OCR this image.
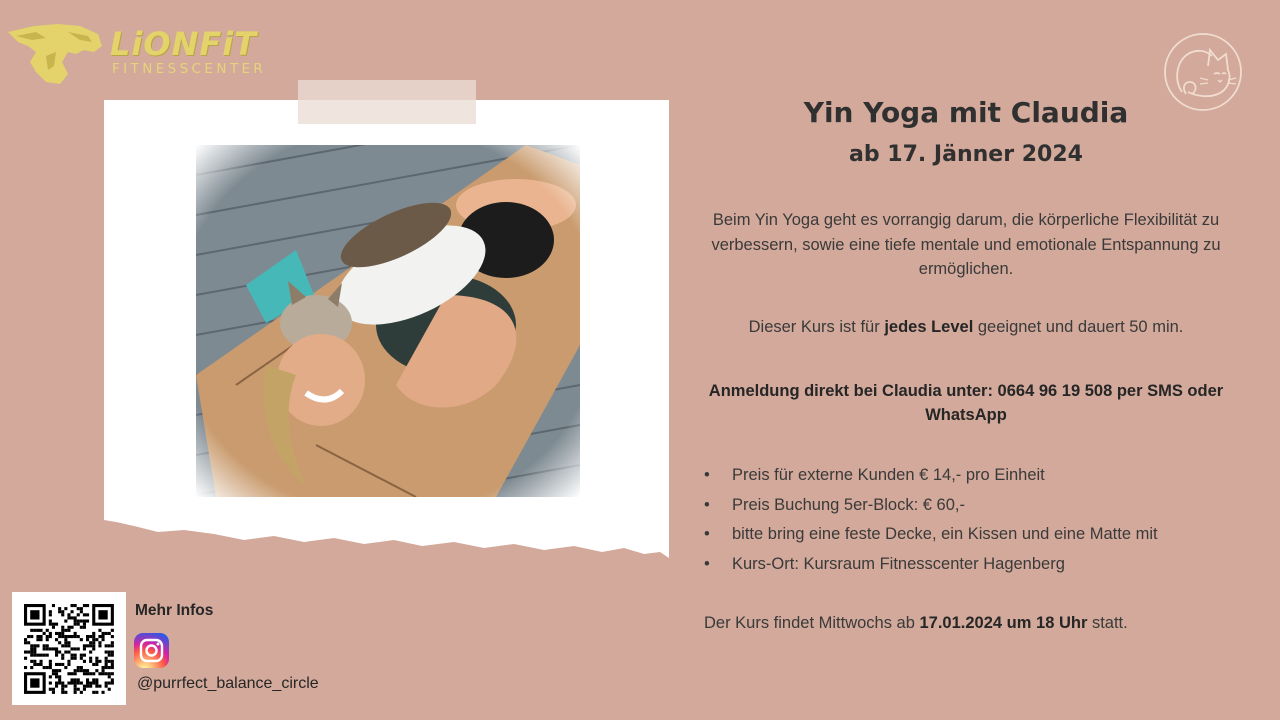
LiONFiT
FITNESSCENTER
Yin Yoga mit Claudia
ab 17. Jänner 2024
Beim Yin Yoga geht es vorrangig darum, die körperliche Flexibilität zu verbessern, sowie eine tiefe mentale und emotionale Entspannung zu ermöglichen.
Dieser Kurs ist für jedes Level geeignet und dauert 50 min.
Anmeldung direkt bei Claudia unter: 0664 96 19 508 per SMS oder WhatsApp
• Preis für externe Kunden € 14,- pro Einheit
• Preis Buchung 5er-Block: € 60,-
• bitte bring eine feste Decke, ein Kissen und eine Matte mit
• Kurs-Ort: Kursraum Fitnesscenter Hagenberg
Der Kurs findet Mittwochs ab 17.01.2024 um 18 Uhr statt.
Mehr Infos
@purrfect_balance_circle
